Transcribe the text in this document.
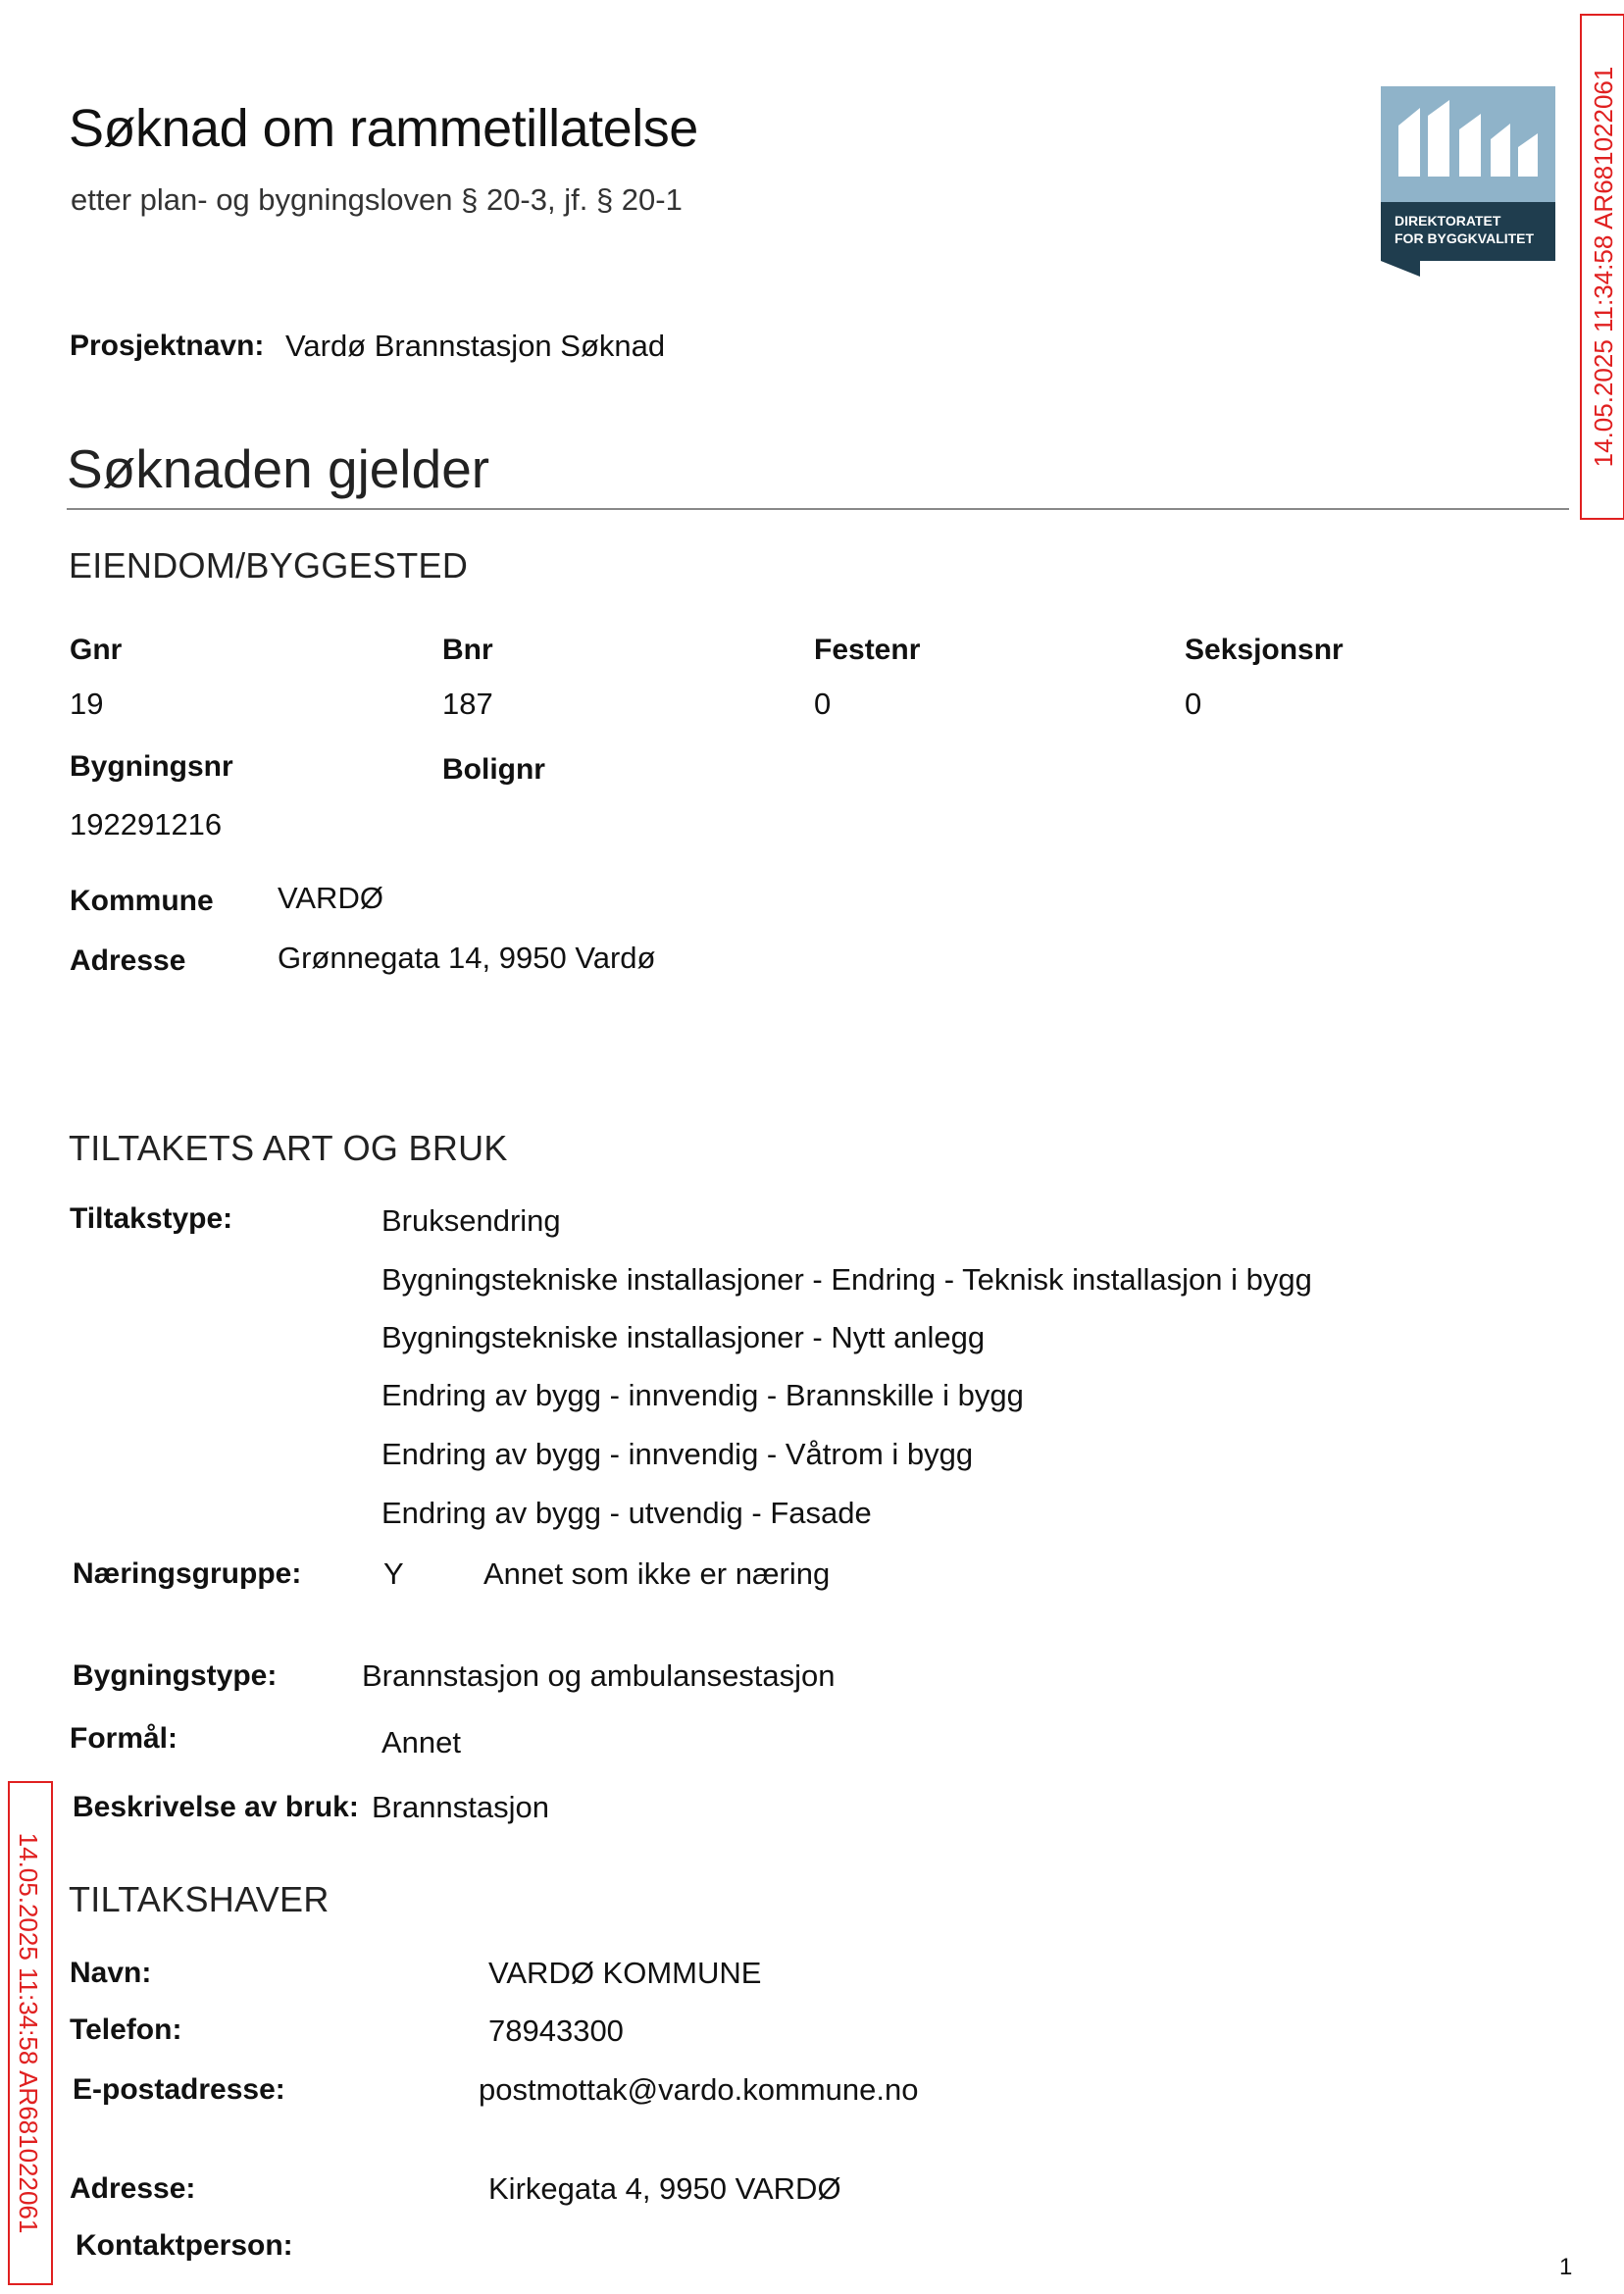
Søknad om rammetillatelse
etter plan- og bygningsloven § 20-3, jf. § 20-1
DIREKTORATET
FOR BYGGKVALITET 14.05.2025 11:34:58 AR681022061
14.05.2025 11:34:58 AR681022061
Prosjektnavn: Vardø Brannstasjon Søknad
Søknaden gjelder
EIENDOM/BYGGESTED
Gnr	Bnr	Festenr	Seksjonsnr
19	187	0	0
Bygningsnr	Bolignr
192291216
Kommune VARDØ
Adresse	Grønnegata 14, 9950 Vardø
TILTAKETS ART OG BRUK
Tiltakstype:	Bruksendring
Bygningstekniske installasjoner - Endring - Teknisk installasjon i bygg
Bygningstekniske installasjoner - Nytt anlegg
Endring av bygg - innvendig - Brannskille i bygg
Endring av bygg - innvendig - Våtrom i bygg
Endring av bygg - utvendig - Fasade
Næringsgruppe:	Y	Annet som ikke er næring
Bygningstype:	Brannstasjon og ambulansestasjon
Formål:	Annet
Beskrivelse av bruk: Brannstasjon
TILTAKSHAVER
Navn:	VARDØ KOMMUNE
Telefon:	78943300
E-postadresse:	postmottak@vardo.kommune.no
Adresse:	Kirkegata 4, 9950 VARDØ
Kontaktperson:
1
